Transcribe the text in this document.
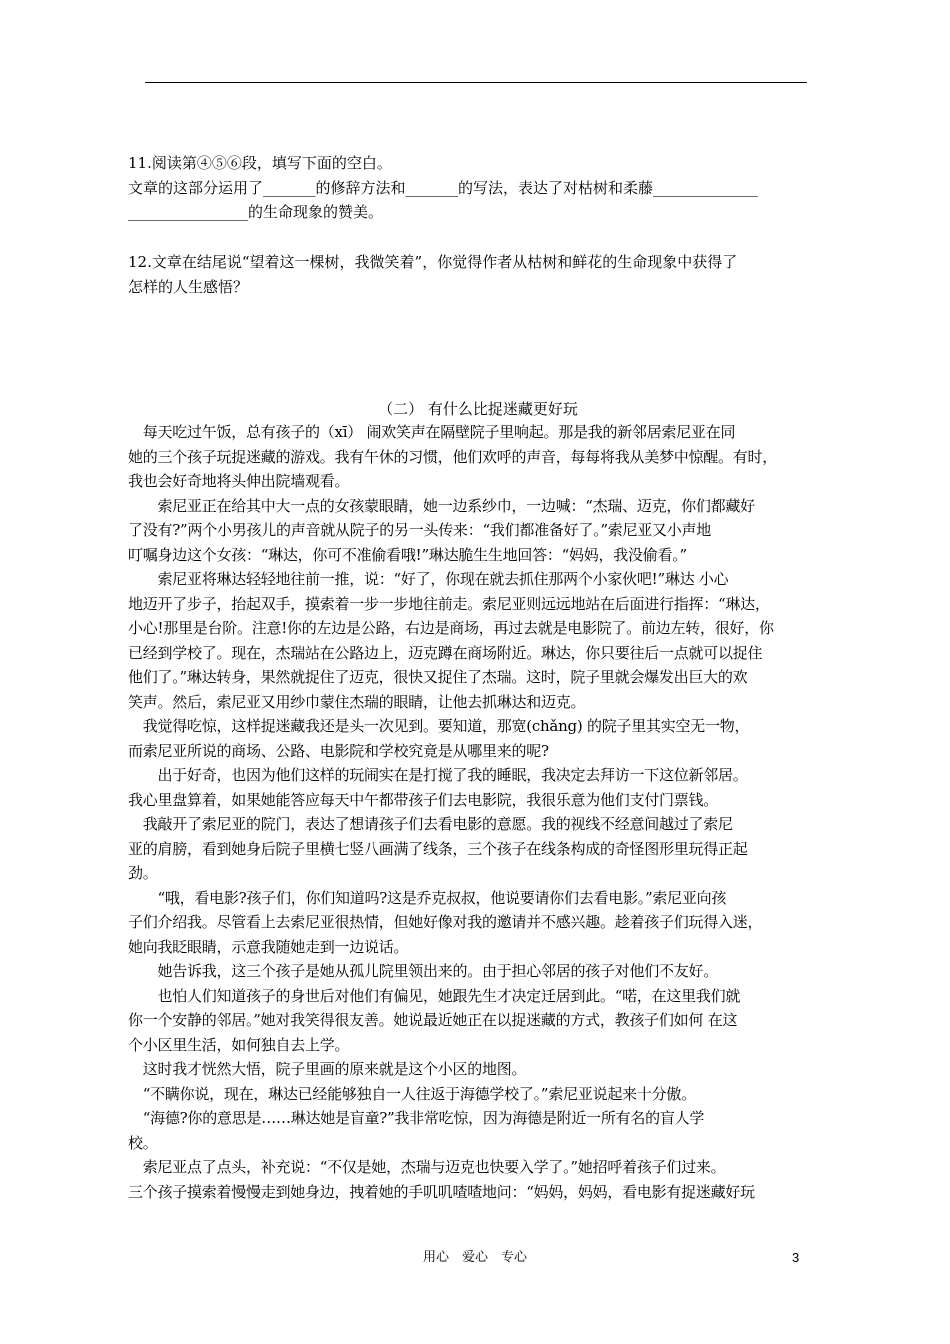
11.阅读第④⑤⑥段，填写下面的空白。
文章的这部分运用了_______的修辞方法和_______的写法，表达了对枯树和柔藤______________
________________的生命现象的赞美。
12.文章在结尾说“望着这一棵树，我微笑着”，你觉得作者从枯树和鲜花的生命现象中获得了
怎样的人生感悟？
（二） 有什么比捉迷藏更好玩
　每天吃过午饭，总有孩子的（xī） 闹欢笑声在隔壁院子里响起。那是我的新邻居索尼亚在同
她的三个孩子玩捉迷藏的游戏。我有午休的习惯，他们欢呼的声音，每每将我从美梦中惊醒。有时，
我也会好奇地将头伸出院墙观看。
　　索尼亚正在给其中大一点的女孩蒙眼睛，她一边系纱巾，一边喊：“杰瑞、迈克，你们都藏好
了没有?”两个小男孩儿的声音就从院子的另一头传来：“我们都准备好了。”索尼亚又小声地
叮嘱身边这个女孩：“琳达，你可不准偷看哦!”琳达脆生生地回答：“妈妈，我没偷看。”
　　索尼亚将琳达轻轻地往前一推，说：“好了，你现在就去抓住那两个小家伙吧!”琳达 小心
地迈开了步子，抬起双手，摸索着一步一步地往前走。索尼亚则远远地站在后面进行指挥：“琳达，
小心!那里是台阶。注意!你的左边是公路，右边是商场，再过去就是电影院了。前边左转，很好，你
已经到学校了。现在，杰瑞站在公路边上，迈克蹲在商场附近。琳达，你只要往后一点就可以捉住
他们了。”琳达转身，果然就捉住了迈克，很快又捉住了杰瑞。这时，院子里就会爆发出巨大的欢
笑声。然后，索尼亚又用纱巾蒙住杰瑞的眼睛，让他去抓琳达和迈克。
　我觉得吃惊，这样捉迷藏我还是头一次见到。要知道，那宽(chǎng) 的院子里其实空无一物，
而索尼亚所说的商场、公路、电影院和学校究竟是从哪里来的呢?
　　出于好奇，也因为他们这样的玩闹实在是打搅了我的睡眠，我决定去拜访一下这位新邻居。
我心里盘算着，如果她能答应每天中午都带孩子们去电影院，我很乐意为他们支付门票钱。
　我敲开了索尼亚的院门，表达了想请孩子们去看电影的意愿。我的视线不经意间越过了索尼
亚的肩膀，看到她身后院子里横七竖八画满了线条，三个孩子在线条构成的奇怪图形里玩得正起
劲。
　　“哦，看电影?孩子们，你们知道吗?这是乔克叔叔，他说要请你们去看电影。”索尼亚向孩
子们介绍我。尽管看上去索尼亚很热情，但她好像对我的邀请并不感兴趣。趁着孩子们玩得入迷，
她向我眨眼睛，示意我随她走到一边说话。
　　她告诉我，这三个孩子是她从孤儿院里领出来的。由于担心邻居的孩子对他们不友好。
　　也怕人们知道孩子的身世后对他们有偏见，她跟先生才决定迁居到此。“喏，在这里我们就
你一个安静的邻居。”她对我笑得很友善。她说最近她正在以捉迷藏的方式，教孩子们如何 在这
个小区里生活，如何独自去上学。
　这时我才恍然大悟，院子里画的原来就是这个小区的地图。
　“不瞒你说，现在，琳达已经能够独自一人往返于海德学校了。”索尼亚说起来十分傲。
　“海德?你的意思是……琳达她是盲童?”我非常吃惊，因为海德是附近一所有名的盲人学
校。
　索尼亚点了点头，补充说：“不仅是她，杰瑞与迈克也快要入学了。”她招呼着孩子们过来。
三个孩子摸索着慢慢走到她身边，拽着她的手叽叽喳喳地问：“妈妈，妈妈，看电影有捉迷藏好玩
用心　爱心　专心	3
